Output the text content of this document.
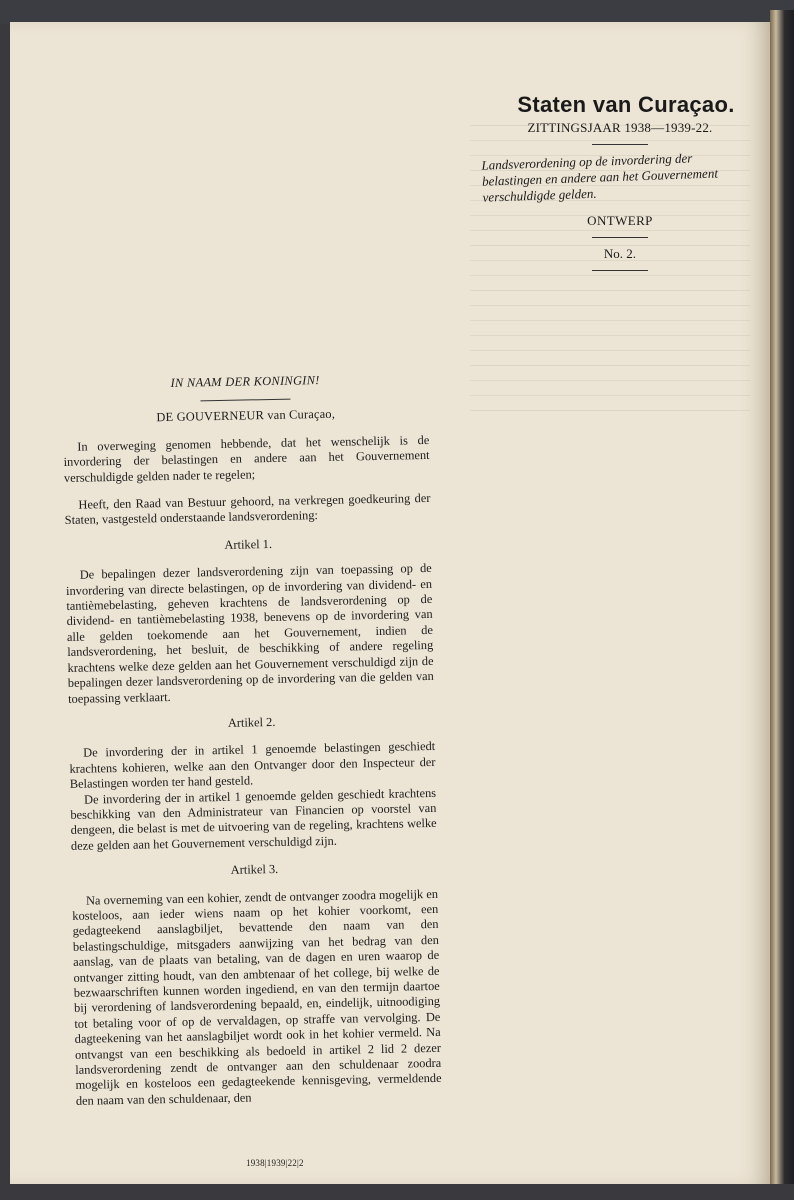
Staten van Curaçao.
ZITTINGSJAAR 1938—1939-22.
Landsverordening op de invordering der belastingen en andere aan het Gouvernement verschuldigde gelden.
ONTWERP
No. 2.
IN NAAM DER KONINGIN!
DE GOUVERNEUR van Curaçao,

In overweging genomen hebbende, dat het wenschelijk is de invordering der belastingen en andere aan het Gouvernement verschuldigde gelden nader te regelen;

Heeft, den Raad van Bestuur gehoord, na verkregen goedkeuring der Staten, vastgesteld onderstaande landsverordening:

Artikel 1.

De bepalingen dezer landsverordening zijn van toepassing op de invordering van directe belastingen, op de invordering van dividend- en tantièmebelasting, geheven krachtens de landsverordening op de dividend- en tantièmebelasting 1938, benevens op de invordering van alle gelden toekomende aan het Gouvernement, indien de landsverordening, het besluit, de beschikking of andere regeling krachtens welke deze gelden aan het Gouvernement verschuldigd zijn de bepalingen dezer landsverordening op de invordering van die gelden van toepassing verklaart.

Artikel 2.

De invordering der in artikel 1 genoemde belastingen geschiedt krachtens kohieren, welke aan den Ontvanger door den Inspecteur der Belastingen worden ter hand gesteld.

De invordering der in artikel 1 genoemde gelden geschiedt krachtens beschikking van den Administrateur van Financien op voorstel van dengeen, die belast is met de uitvoering van de regeling, krachtens welke deze gelden aan het Gouvernement verschuldigd zijn.

Artikel 3.

Na overneming van een kohier, zendt de ontvanger zoodra mogelijk en kosteloos, aan ieder wiens naam op het kohier voorkomt, een gedagteekend aanslagbiljet, bevattende den naam van den belastingschuldige, mitsgaders aanwijzing van het bedrag van den aanslag, van de plaats van betaling, van de dagen en uren waarop de ontvanger zitting houdt, van den ambtenaar of het college, bij welke de bezwaarschriften kunnen worden ingediend, en van den termijn daartoe bij verordening of landsverordening bepaald, en, eindelijk, uitnoodiging tot betaling voor of op de vervaldagen, op straffe van vervolging. De dagteekening van het aanslagbiljet wordt ook in het kohier vermeld. Na ontvangst van een beschikking als bedoeld in artikel 2 lid 2 dezer landsverordening zendt de ontvanger aan den schuldenaar zoodra mogelijk en kosteloos een gedagteekende kennisgeving, vermeldende den naam van den schuldenaar, den

1938|1939|22|2
